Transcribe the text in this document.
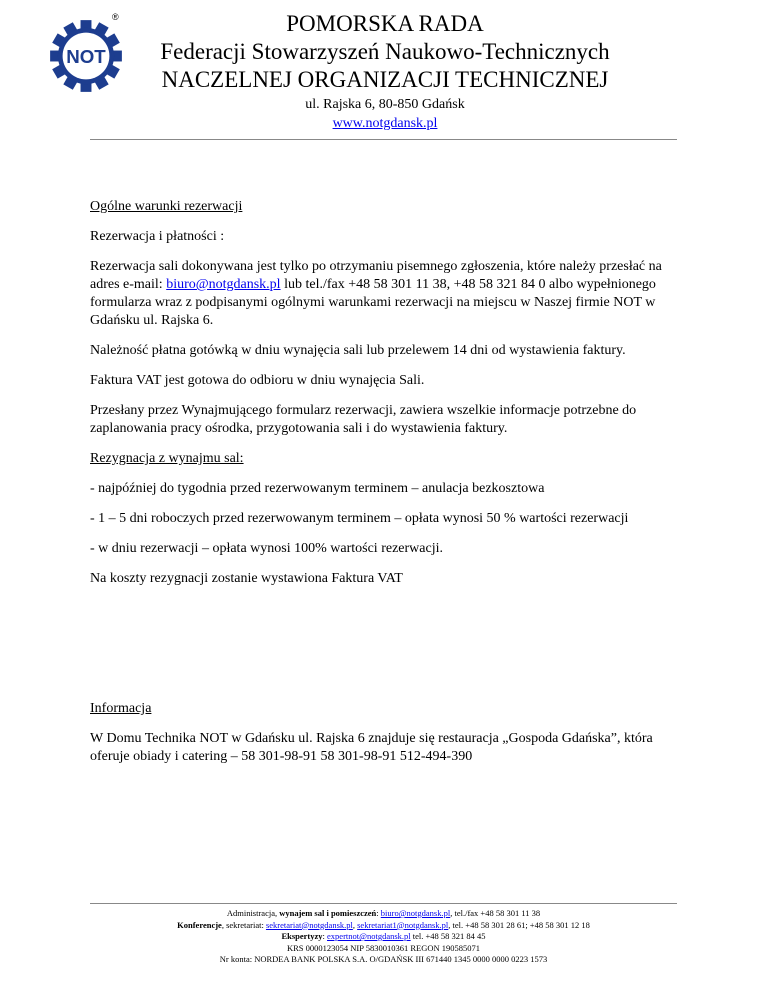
NOT
®	POMORSKA RADA
Federacji Stowarzyszeń Naukowo-Technicznych
NACZELNEJ ORGANIZACJI TECHNICZNEJ
ul. Rajska 6, 80-850 Gdańsk
www.notgdansk.pl

Ogólne warunki rezerwacji

Rezerwacja i płatności :

Rezerwacja sali dokonywana jest tylko po otrzymaniu pisemnego zgłoszenia, które należy przesłać na adres e-mail: biuro@notgdansk.pl lub tel./fax +48 58 301 11 38, +48 58 321 84 0 albo wypełnionego formularza wraz z podpisanymi ogólnymi warunkami rezerwacji na miejscu w Naszej firmie NOT w Gdańsku ul. Rajska 6.

Należność płatna gotówką w dniu wynajęcia sali lub przelewem 14 dni od wystawienia faktury.

Faktura VAT jest gotowa do odbioru w dniu wynajęcia Sali.

Przesłany przez Wynajmującego formularz rezerwacji, zawiera wszelkie informacje potrzebne do zaplanowania pracy ośrodka, przygotowania sali i do wystawienia faktury.

Rezygnacja z wynajmu sal:

- najpóźniej do tygodnia przed rezerwowanym terminem – anulacja bezkosztowa

- 1 – 5 dni roboczych przed rezerwowanym terminem – opłata wynosi 50 % wartości rezerwacji

- w dniu rezerwacji – opłata wynosi 100% wartości rezerwacji.

Na koszty rezygnacji zostanie wystawiona Faktura VAT

Informacja

W Domu Technika NOT w Gdańsku ul. Rajska 6 znajduje się restauracja „Gospoda Gdańska”, która oferuje obiady i catering – 58 301-98-91 58 301-98-91 512-494-390

Administracja, wynajem sal i pomieszczeń: biuro@notgdansk.pl, tel./fax +48 58 301 11 38
Konferencje, sekretariat: sekretariat@notgdansk.pl, sekretariat1@notgdansk.pl, tel. +48 58 301 28 61; +48 58 301 12 18
Ekspertyzy: expertnot@notgdansk.pl tel. +48 58 321 84 45
KRS 0000123054 NIP 5830010361 REGON 190585071
Nr konta: NORDEA BANK POLSKA S.A. O/GDAŃSK III 671440 1345 0000 0000 0223 1573
